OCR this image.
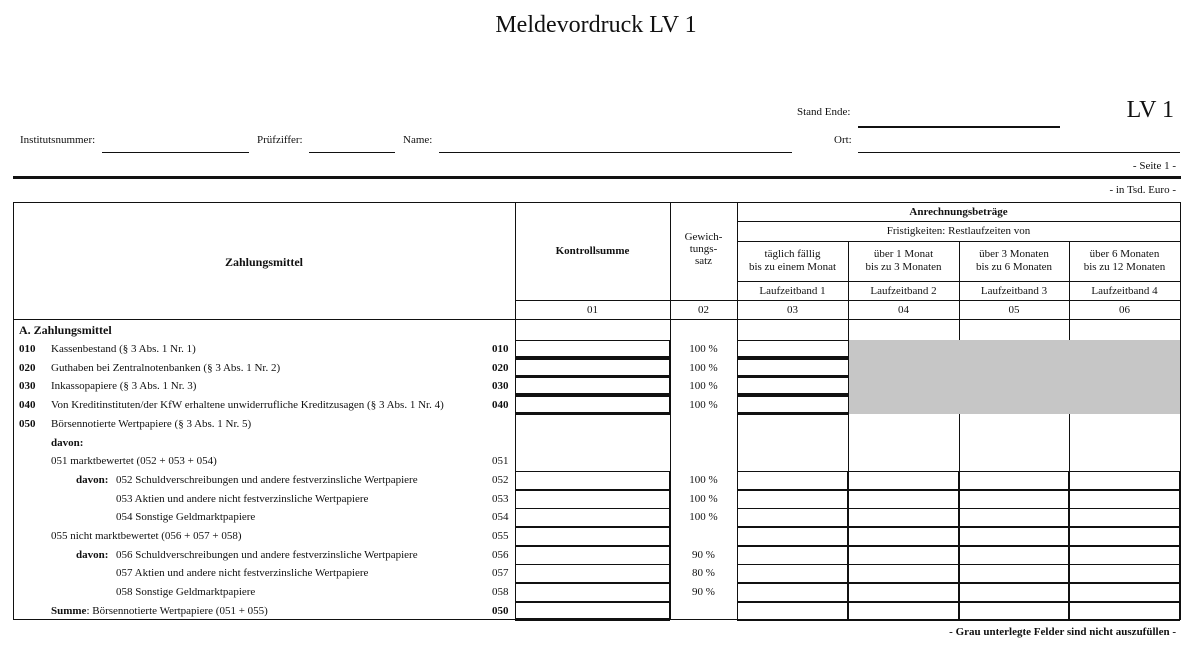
Meldevordruck LV 1
LV 1
Stand Ende:
Institutsnummer:	Prüfziffer:	Name:	Ort:
- Seite 1 -
- in Tsd. Euro -
Zahlungsmittel
Kontrollsumme
Gewich-
tungs-
satz
Anrechnungsbeträge
Fristigkeiten: Restlaufzeiten von
täglich fällig
bis zu einem Monat
über 1 Monat
bis zu 3 Monaten
über 3 Monaten
bis zu 6 Monaten
über 6 Monaten
bis zu 12 Monaten
Laufzeitband 1	Laufzeitband 2	Laufzeitband 3	Laufzeitband 4
01	02	03	04	05	06
A. Zahlungsmittel
010 Kassenbestand (§ 3 Abs. 1 Nr. 1)	010	100 %
020 Guthaben bei Zentralnotenbanken (§ 3 Abs. 1 Nr. 2)	020	100 %
030 Inkassopapiere (§ 3 Abs. 1 Nr. 3)	030	100 %
040 Von Kreditinstituten/der KfW erhaltene unwiderrufliche Kreditzusagen (§ 3 Abs. 1 Nr. 4)	040	100 %
050 Börsennotierte Wertpapiere (§ 3 Abs. 1 Nr. 5)
davon:
051 marktbewertet (052 + 053 + 054)	051
davon: 052 Schuldverschreibungen und andere festverzinsliche Wertpapiere	052	100 %
053 Aktien und andere nicht festverzinsliche Wertpapiere	053	100 %
054 Sonstige Geldmarktpapiere	054	100 %
055 nicht marktbewertet (056 + 057 + 058)	055
davon: 056 Schuldverschreibungen und andere festverzinsliche Wertpapiere	056	90 %
057 Aktien und andere nicht festverzinsliche Wertpapiere	057	80 %
058 Sonstige Geldmarktpapiere	058	90 %
Summe: Börsennotierte Wertpapiere (051 + 055)	050
- Grau unterlegte Felder sind nicht auszufüllen -
